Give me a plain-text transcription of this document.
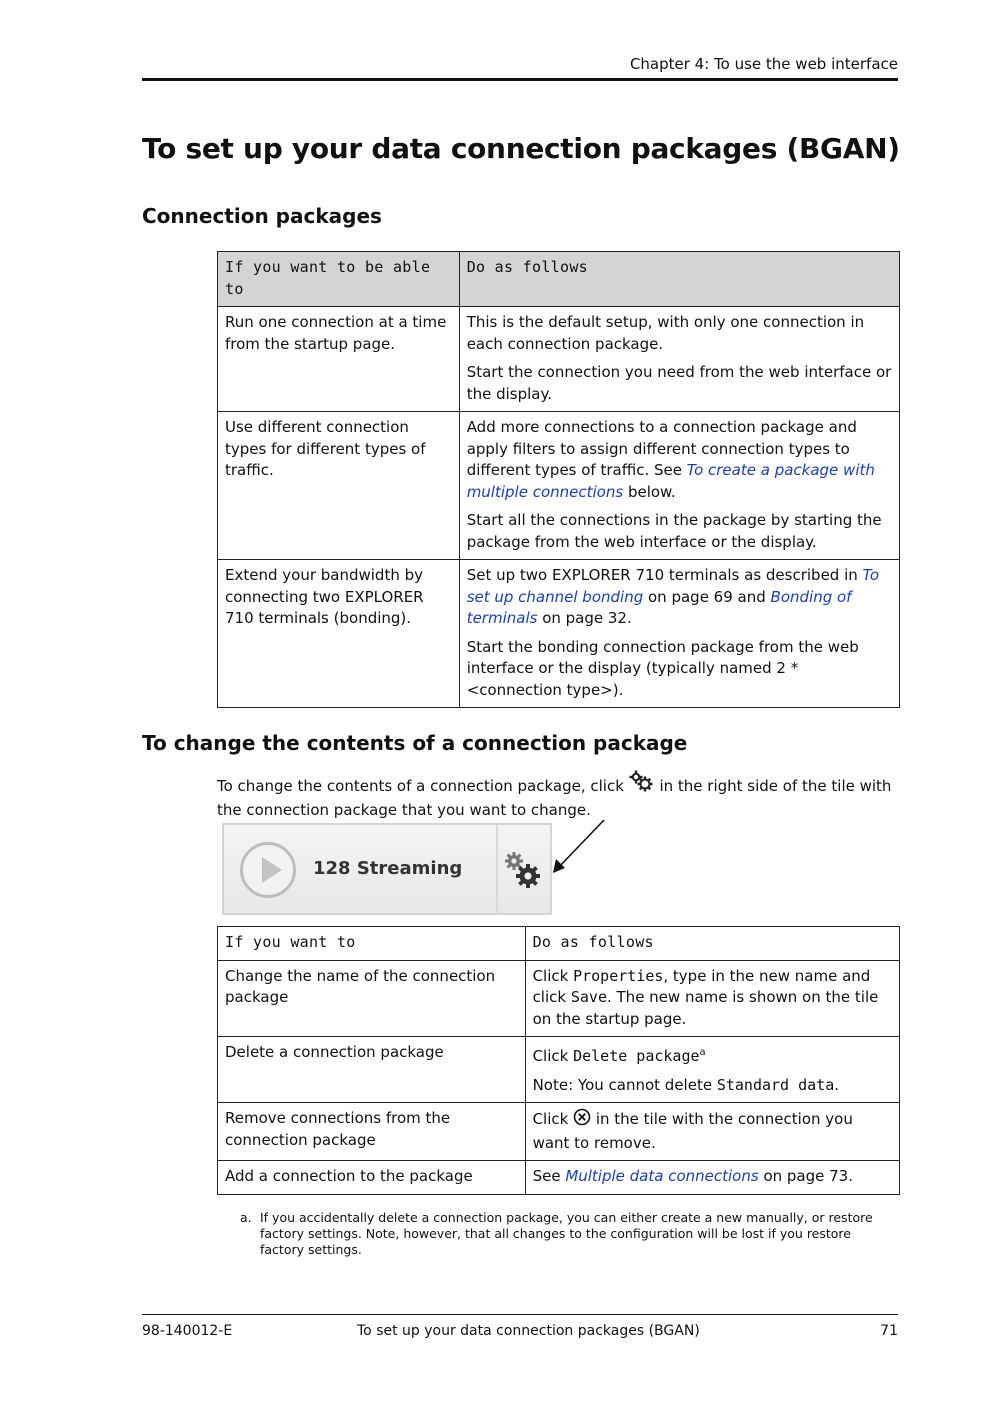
Chapter 4: To use the web interface
To set up your data connection packages (BGAN)
Connection packages
If you want to be able to	Do as follows
Run one connection at a time from the startup page.	This is the default setup, with only one connection in each connection package.

Start the connection you need from the web interface or the display.

Use different connection types for different types of traffic.	Add more connections to a connection package and apply filters to assign different connection types to different types of traffic. See To create a package with multiple connections below.

Start all the connections in the package by starting the package from the web interface or the display.

Extend your bandwidth by connecting two EXPLORER 710 terminals (bonding).	Set up two EXPLORER 710 terminals as described in To set up channel bonding on page 69 and Bonding of terminals on page 32.

Start the bonding connection package from the web interface or the display (typically named 2 * <connection type>).

To change the contents of a connection package
To change the contents of a connection package, click  in the right side of the tile with the connection package that you want to change.
128 Streaming
If you want to	Do as follows
Change the name of the connection package	Click Properties, type in the new name and click Save. The new name is shown on the tile on the startup page.
Delete a connection package	Click Delete package$^a$

Note: You cannot delete Standard data.

Remove connections from the connection package	Click  in the tile with the connection you want to remove.
Add a connection to the package	See Multiple data connections on page 73.
a. If you accidentally delete a connection package, you can either create a new manually, or restore factory settings. Note, however, that all changes to the configuration will be lost if you restore factory settings.
98-140012-E	To set up your data connection packages (BGAN)	71
